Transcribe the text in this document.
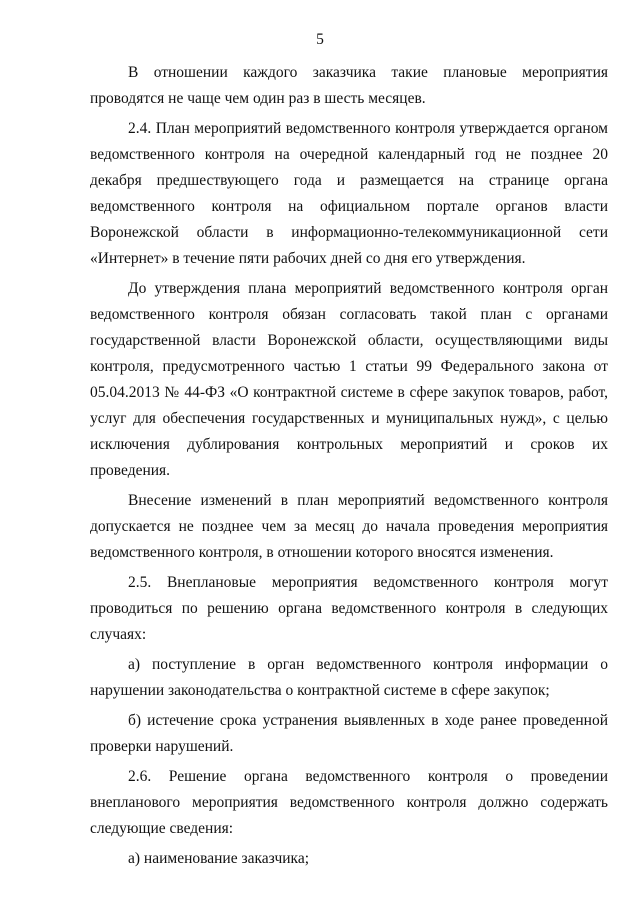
5

В отношении каждого заказчика такие плановые мероприятия проводятся не чаще чем один раз в шесть месяцев.

2.4. План мероприятий ведомственного контроля утверждается органом ведомственного контроля на очередной календарный год не позднее 20 декабря предшествующего года и размещается на странице органа ведомственного контроля на официальном портале органов власти Воронежской области в информационно-телекоммуникационной сети «Интернет» в течение пяти рабочих дней со дня его утверждения.

До утверждения плана мероприятий ведомственного контроля орган ведомственного контроля обязан согласовать такой план с органами государственной власти Воронежской области, осуществляющими виды контроля, предусмотренного частью 1 статьи 99 Федерального закона от 05.04.2013 № 44-ФЗ «О контрактной системе в сфере закупок товаров, работ, услуг для обеспечения государственных и муниципальных нужд», с целью исключения дублирования контрольных мероприятий и сроков их проведения.

Внесение изменений в план мероприятий ведомственного контроля допускается не позднее чем за месяц до начала проведения мероприятия ведомственного контроля, в отношении которого вносятся изменения.

2.5. Внеплановые мероприятия ведомственного контроля могут проводиться по решению органа ведомственного контроля в следующих случаях:

а) поступление в орган ведомственного контроля информации о нарушении законодательства о контрактной системе в сфере закупок;

б) истечение срока устранения выявленных в ходе ранее проведенной проверки нарушений.

2.6. Решение органа ведомственного контроля о проведении внепланового мероприятия ведомственного контроля должно содержать следующие сведения:

а) наименование заказчика;
